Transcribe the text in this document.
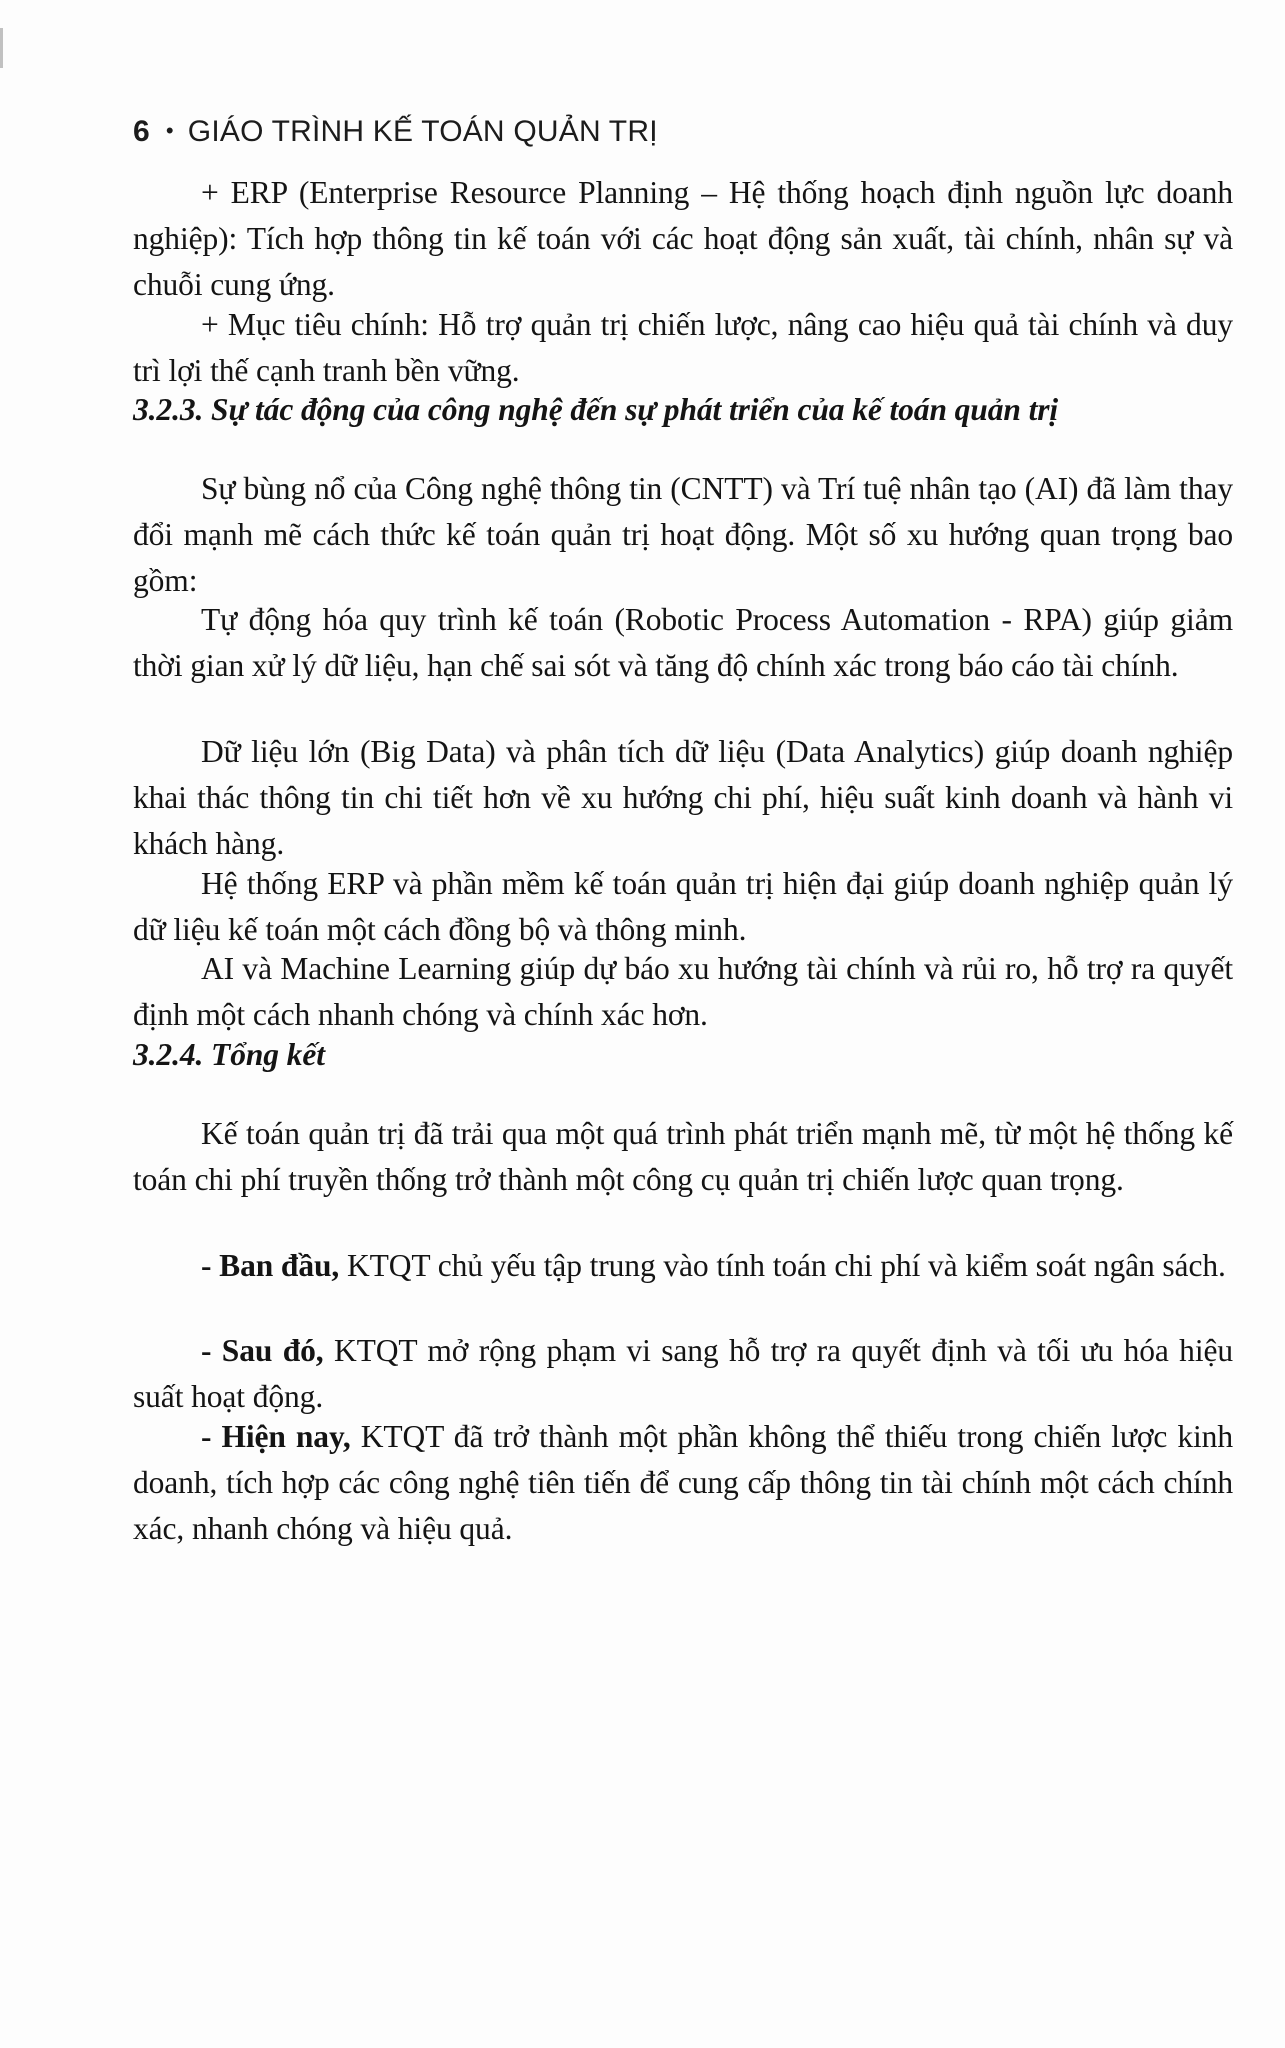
6 • GIÁO TRÌNH KẾ TOÁN QUẢN TRỊ

+ ERP (Enterprise Resource Planning – Hệ thống hoạch định nguồn lực doanh nghiệp): Tích hợp thông tin kế toán với các hoạt động sản xuất, tài chính, nhân sự và chuỗi cung ứng.

+ Mục tiêu chính: Hỗ trợ quản trị chiến lược, nâng cao hiệu quả tài chính và duy trì lợi thế cạnh tranh bền vững.

3.2.3. Sự tác động của công nghệ đến sự phát triển của kế toán quản trị

Sự bùng nổ của Công nghệ thông tin (CNTT) và Trí tuệ nhân tạo (AI) đã làm thay đổi mạnh mẽ cách thức kế toán quản trị hoạt động. Một số xu hướng quan trọng bao gồm:

Tự động hóa quy trình kế toán (Robotic Process Automation - RPA) giúp giảm thời gian xử lý dữ liệu, hạn chế sai sót và tăng độ chính xác trong báo cáo tài chính.

Dữ liệu lớn (Big Data) và phân tích dữ liệu (Data Analytics) giúp doanh nghiệp khai thác thông tin chi tiết hơn về xu hướng chi phí, hiệu suất kinh doanh và hành vi khách hàng.

Hệ thống ERP và phần mềm kế toán quản trị hiện đại giúp doanh nghiệp quản lý dữ liệu kế toán một cách đồng bộ và thông minh.

AI và Machine Learning giúp dự báo xu hướng tài chính và rủi ro, hỗ trợ ra quyết định một cách nhanh chóng và chính xác hơn.

3.2.4. Tổng kết

Kế toán quản trị đã trải qua một quá trình phát triển mạnh mẽ, từ một hệ thống kế toán chi phí truyền thống trở thành một công cụ quản trị chiến lược quan trọng.

- Ban đầu, KTQT chủ yếu tập trung vào tính toán chi phí và kiểm soát ngân sách.

- Sau đó, KTQT mở rộng phạm vi sang hỗ trợ ra quyết định và tối ưu hóa hiệu suất hoạt động.

- Hiện nay, KTQT đã trở thành một phần không thể thiếu trong chiến lược kinh doanh, tích hợp các công nghệ tiên tiến để cung cấp thông tin tài chính một cách chính xác, nhanh chóng và hiệu quả.
